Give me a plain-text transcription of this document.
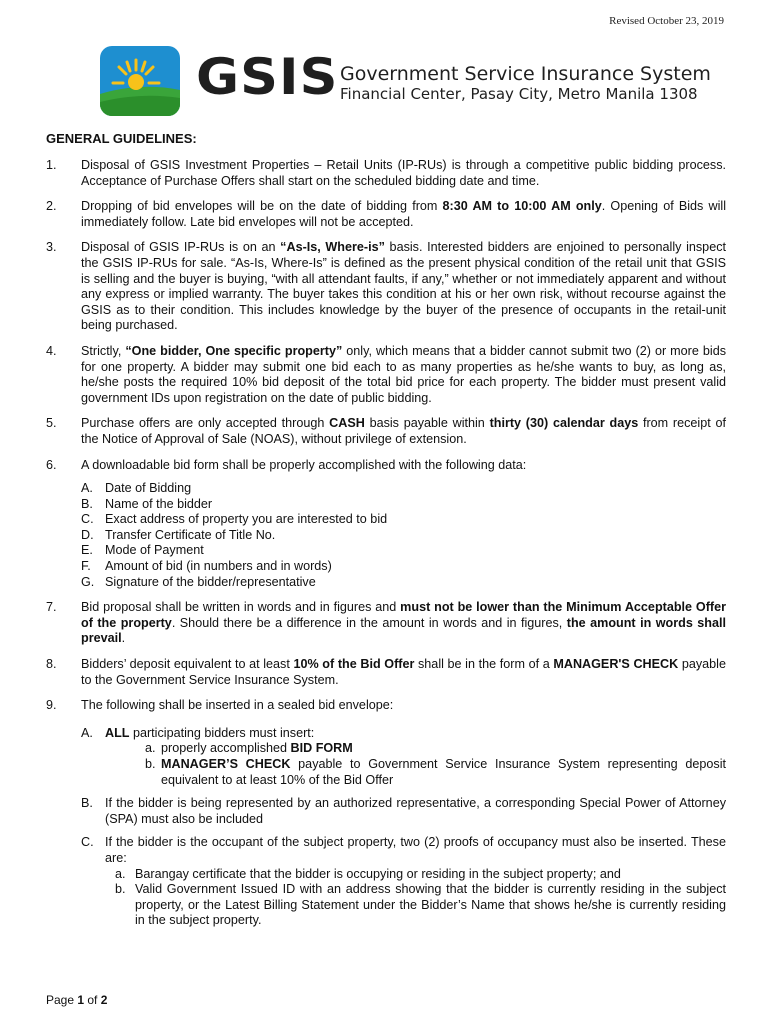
Revised October 23, 2019
GSIS Government Service Insurance System
Financial Center, Pasay City, Metro Manila 1308
GENERAL GUIDELINES:
1.	Disposal of GSIS Investment Properties – Retail Units (IP-RUs) is through a competitive public bidding process. Acceptance of Purchase Offers shall start on the scheduled bidding date and time.
2.	Dropping of bid envelopes will be on the date of bidding from 8:30 AM to 10:00 AM only. Opening of Bids will immediately follow. Late bid envelopes will not be accepted.
3.	Disposal of GSIS IP-RUs is on an “As-Is, Where-is” basis. Interested bidders are enjoined to personally inspect the GSIS IP-RUs for sale. “As-Is, Where-Is” is defined as the present physical condition of the retail unit that GSIS is selling and the buyer is buying, “with all attendant faults, if any,” whether or not immediately apparent and without any express or implied warranty. The buyer takes this condition at his or her own risk, without recourse against the GSIS as to their condition. This includes knowledge by the buyer of the presence of occupants in the retail-unit being purchased.
4.	Strictly, “One bidder, One specific property” only, which means that a bidder cannot submit two (2) or more bids for one property. A bidder may submit one bid each to as many properties as he/she wants to buy, as long as, he/she posts the required 10% bid deposit of the total bid price for each property. The bidder must present valid government IDs upon registration on the date of public bidding.
5.	Purchase offers are only accepted through CASH basis payable within thirty (30) calendar days from receipt of the Notice of Approval of Sale (NOAS), without privilege of extension.
6.	A downloadable bid form shall be properly accomplished with the following data:
A. Date of Bidding
B. Name of the bidder
C. Exact address of property you are interested to bid
D. Transfer Certificate of Title No.
E. Mode of Payment
F.	Amount of bid (in numbers and in words)
G. Signature of the bidder/representative
7.	Bid proposal shall be written in words and in figures and must not be lower than the Minimum Acceptable Offer of the property. Should there be a difference in the amount in words and in figures, the amount in words shall prevail.
8.	Bidders’ deposit equivalent to at least 10% of the Bid Offer shall be in the form of a MANAGER'S CHECK payable to the Government Service Insurance System.
9.	The following shall be inserted in a sealed bid envelope:
A. ALL participating bidders must insert:
a. properly accomplished BID FORM
b. MANAGER’S CHECK payable to Government Service Insurance System representing deposit equivalent to at least 10% of the Bid Offer
B. If the bidder is being represented by an authorized representative, a corresponding Special Power of Attorney (SPA) must also be included
C. If the bidder is the occupant of the subject property, two (2) proofs of occupancy must also be inserted. These are:
a. Barangay certificate that the bidder is occupying or residing in the subject property; and
b. Valid Government Issued ID with an address showing that the bidder is currently residing in the subject property, or the Latest Billing Statement under the Bidder’s Name that shows he/she is currently residing in the subject property.
Page 1 of 2
